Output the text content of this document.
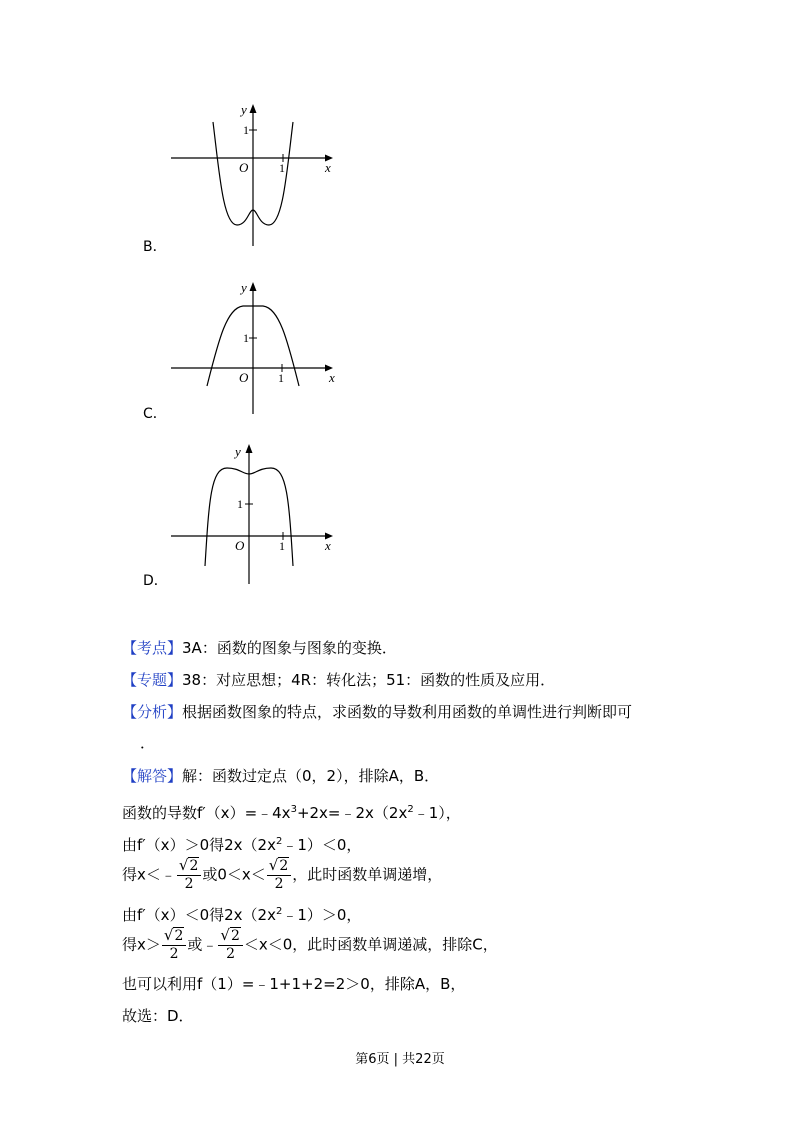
y
1
O	1	x
B．
y
1
O 1	x
C．
y
1
O	1	x
D．
【考点】3A：函数的图象与图象的变换．
【专题】38：对应思想；4R：转化法；51：函数的性质及应用．
【分析】根据函数图象的特点，求函数的导数利用函数的单调性进行判断即可
．
【解答】解：函数过定点（0，2），排除A，B．
函数的导数$f'(x)=﹣4x^3+2x=﹣2x(2x^2﹣1)$，
由f′（x）＞0得$2x(2x^2﹣1)<0$，
得x＜﹣ $\frac{√2}{2}$ 或$0<x< \frac{√2}{2}$ ，此时函数单调递增，
由f′（x）＜0得$2x(2x^2﹣1)>0$，
得$x> \frac{√2}{2}$ 或﹣ $\frac{√2}{2} <x<0$，此时函数单调递减，排除C，
也可以利用f（1）=﹣1+1+2=2＞0，排除A，B，
故选：D．
第6页 | 共22页
